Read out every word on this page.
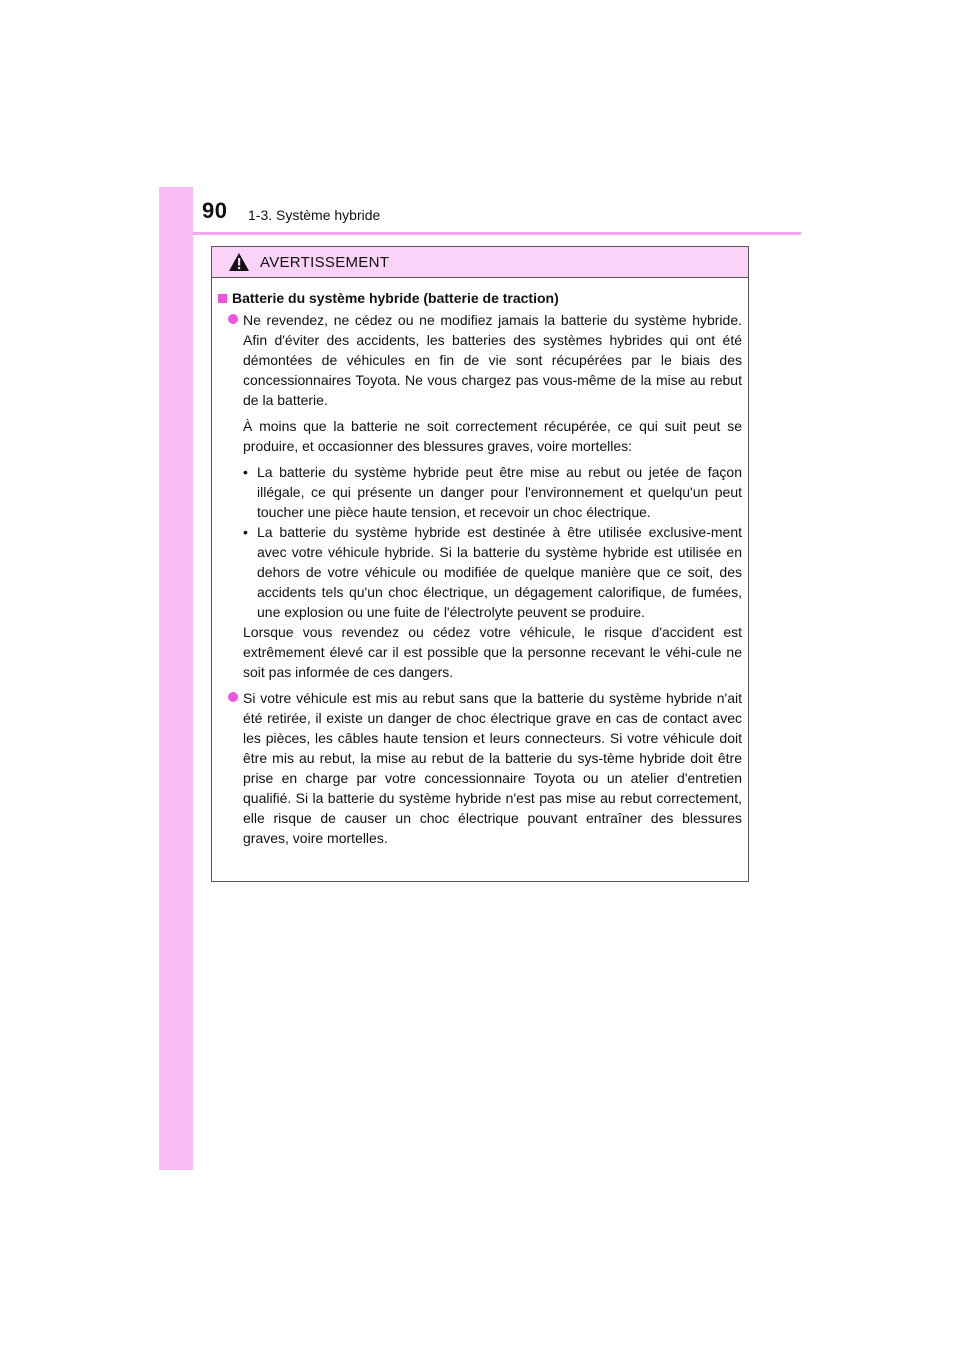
90 1-3. Système hybride
AVERTISSEMENT
Batterie du système hybride (batterie de traction)

Ne revendez, ne cédez ou ne modifiez jamais la batterie du système hybride. Afin d'éviter des accidents, les batteries des systèmes hybrides qui ont été démontées de véhicules en fin de vie sont récupérées par le biais des concessionnaires Toyota. Ne vous chargez pas vous-même de la mise au rebut de la batterie.

À moins que la batterie ne soit correctement récupérée, ce qui suit peut se produire, et occasionner des blessures graves, voire mortelles:

• La batterie du système hybride peut être mise au rebut ou jetée de façon illégale, ce qui présente un danger pour l'environnement et quelqu'un peut toucher une pièce haute tension, et recevoir un choc électrique.
• La batterie du système hybride est destinée à être utilisée exclusive-ment avec votre véhicule hybride. Si la batterie du système hybride est utilisée en dehors de votre véhicule ou modifiée de quelque manière que ce soit, des accidents tels qu'un choc électrique, un dégagement calorifique, de fumées, une explosion ou une fuite de l'électrolyte peuvent se produire.

Lorsque vous revendez ou cédez votre véhicule, le risque d'accident est extrêmement élevé car il est possible que la personne recevant le véhi-cule ne soit pas informée de ces dangers.

Si votre véhicule est mis au rebut sans que la batterie du système hybride n'ait été retirée, il existe un danger de choc électrique grave en cas de contact avec les pièces, les câbles haute tension et leurs connecteurs. Si votre véhicule doit être mis au rebut, la mise au rebut de la batterie du sys-tème hybride doit être prise en charge par votre concessionnaire Toyota ou un atelier d'entretien qualifié. Si la batterie du système hybride n'est pas mise au rebut correctement, elle risque de causer un choc électrique pouvant entraîner des blessures graves, voire mortelles.
